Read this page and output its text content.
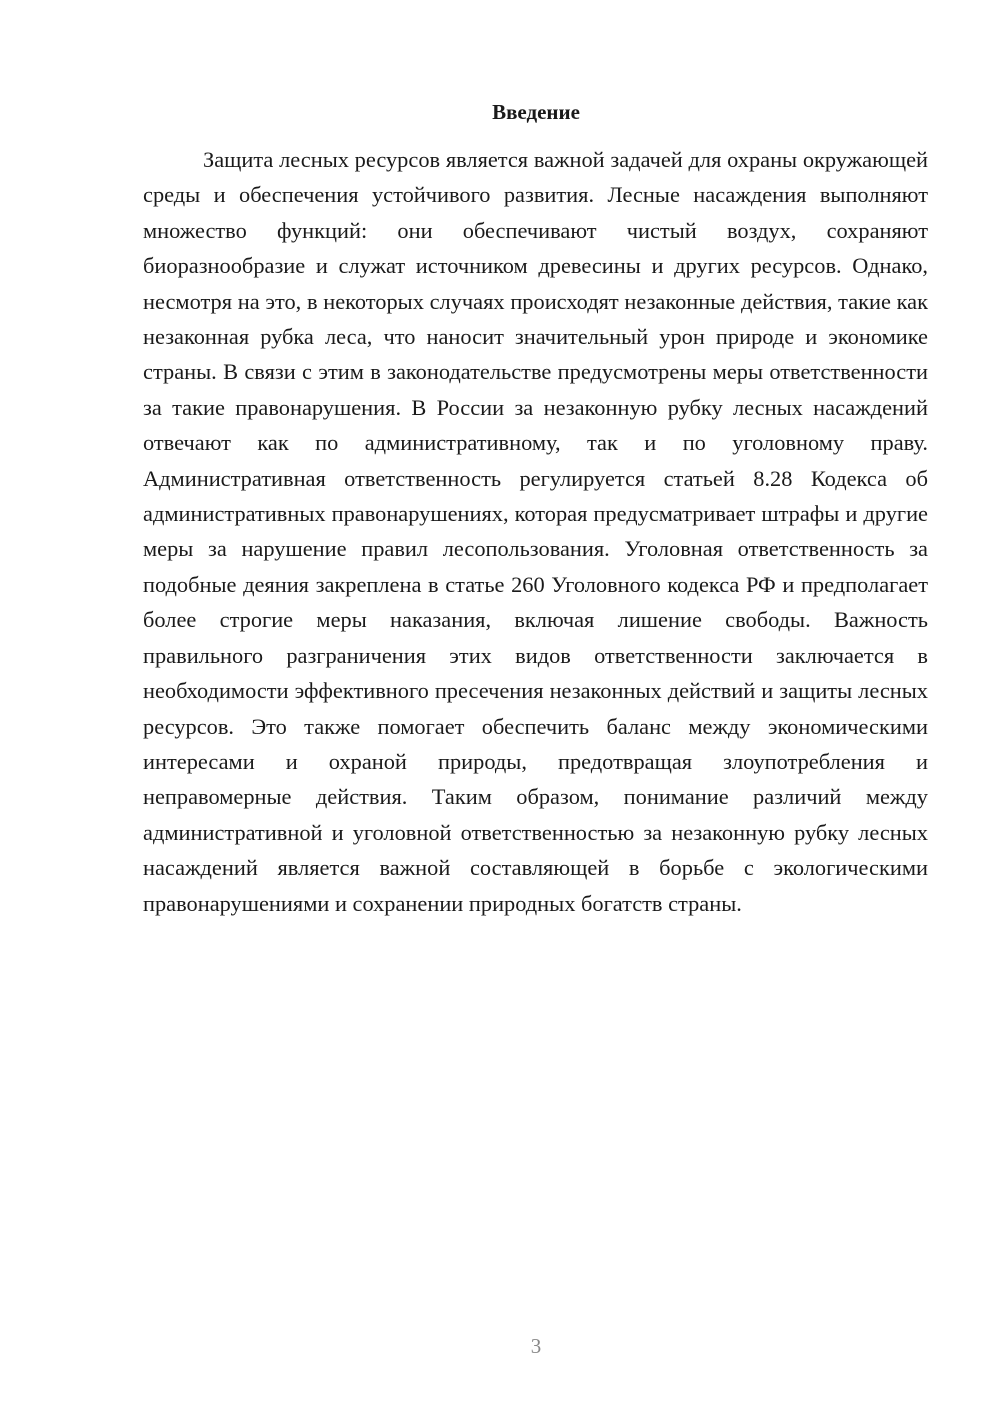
Введение

Защита лесных ресурсов является важной задачей для охраны окружающей среды и обеспечения устойчивого развития. Лесные насаждения выполняют множество функций: они обеспечивают чистый воздух, сохраняют биоразнообразие и служат источником древесины и других ресурсов. Однако, несмотря на это, в некоторых случаях происходят незаконные действия, такие как незаконная рубка леса, что наносит значительный урон природе и экономике страны. В связи с этим в законодательстве предусмотрены меры ответственности за такие правонарушения. В России за незаконную рубку лесных насаждений отвечают как по административному, так и по уголовному праву. Административная ответственность регулируется статьей 8.28 Кодекса об административных правонарушениях, которая предусматривает штрафы и другие меры за нарушение правил лесопользования. Уголовная ответственность за подобные деяния закреплена в статье 260 Уголовного кодекса РФ и предполагает более строгие меры наказания, включая лишение свободы. Важность правильного разграничения этих видов ответственности заключается в необходимости эффективного пресечения незаконных действий и защиты лесных ресурсов. Это также помогает обеспечить баланс между экономическими интересами и охраной природы, предотвращая злоупотребления и неправомерные действия. Таким образом, понимание различий между административной и уголовной ответственностью за незаконную рубку лесных насаждений является важной составляющей в борьбе с экологическими правонарушениями и сохранении природных богатств страны.

3
